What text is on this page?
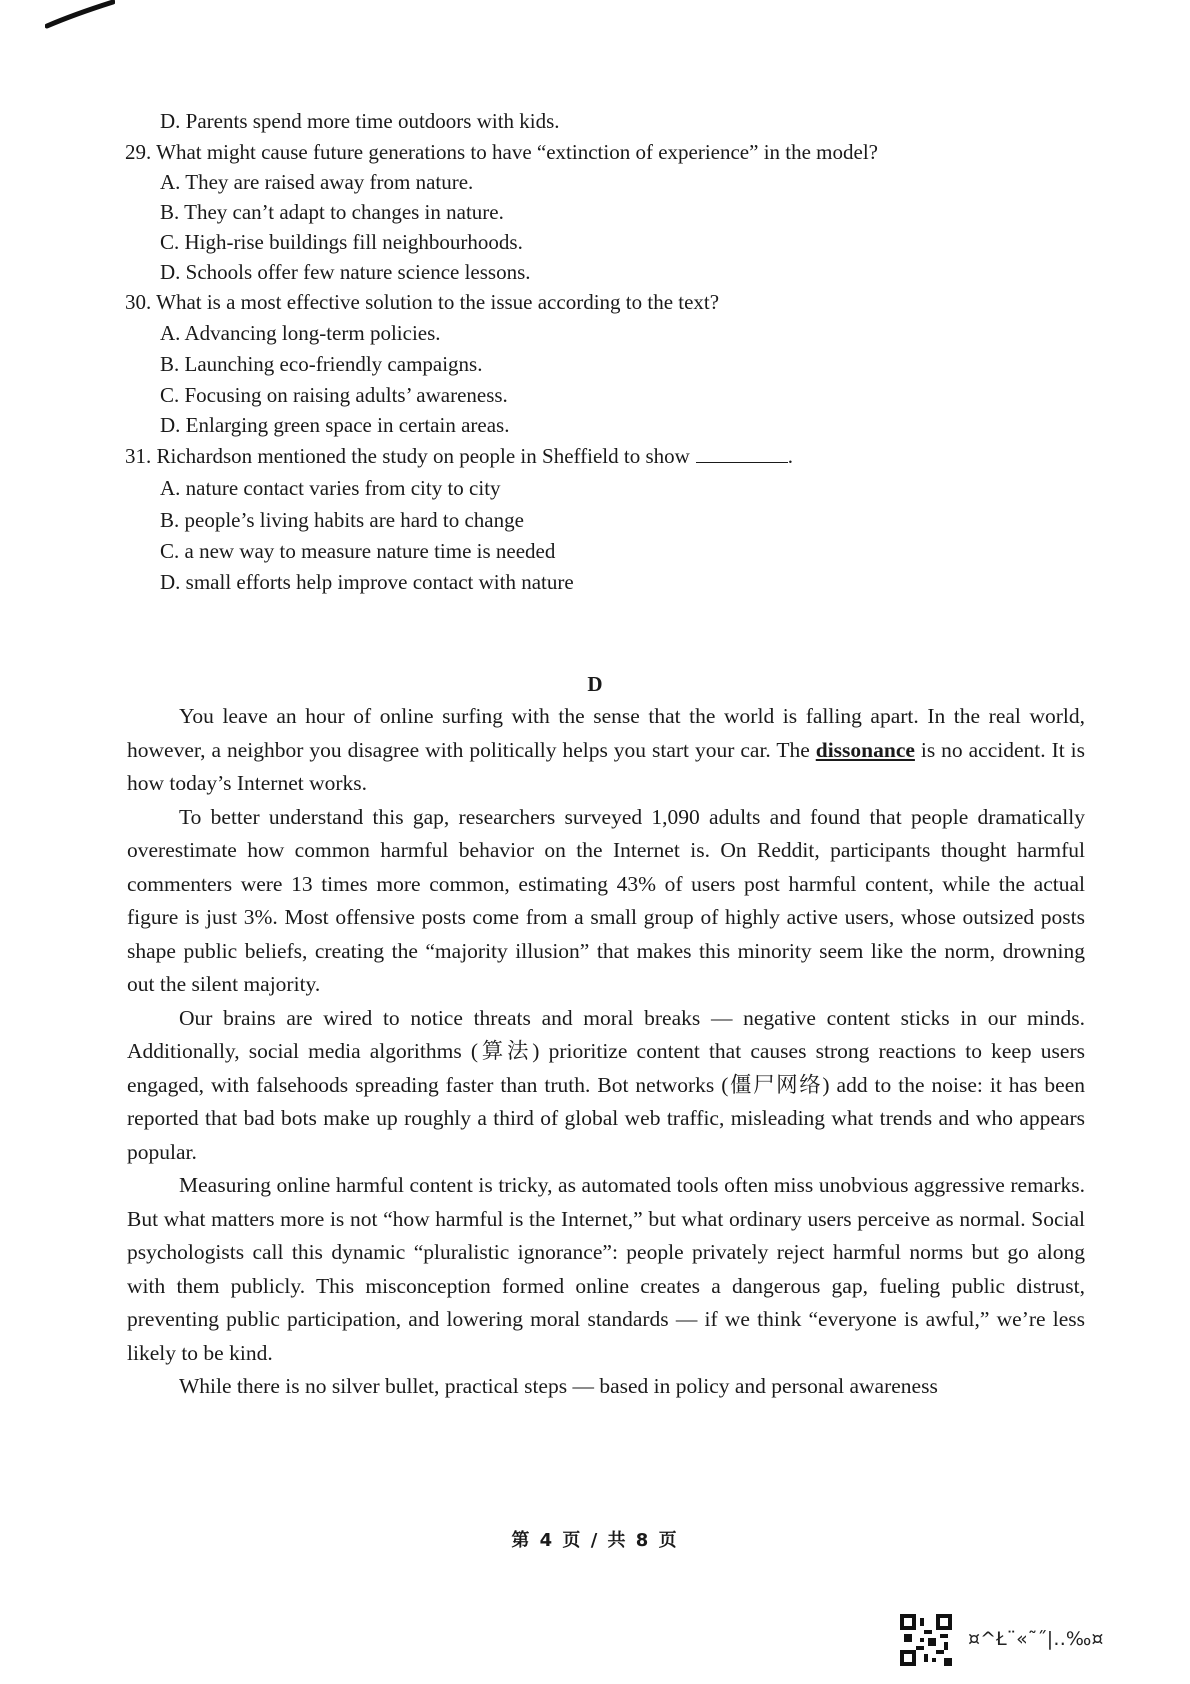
D. Parents spend more time outdoors with kids.
29. What might cause future generations to have “extinction of experience” in the model?
A. They are raised away from nature.
B. They can’t adapt to changes in nature.
C. High-rise buildings fill neighbourhoods.
D. Schools offer few nature science lessons.
30. What is a most effective solution to the issue according to the text?
A. Advancing long-term policies.
B. Launching eco-friendly campaigns.
C. Focusing on raising adults’ awareness.
D. Enlarging green space in certain areas.
31. Richardson mentioned the study on people in Sheffield to show	.
A. nature contact varies from city to city
B. people’s living habits are hard to change
C. a new way to measure nature time is needed
D. small efforts help improve contact with nature
D

You leave an hour of online surfing with the sense that the world is falling apart. In the real world, however, a neighbor you disagree with politically helps you start your car. The dissonance is no accident. It is how today’s Internet works.

To better understand this gap, researchers surveyed 1,090 adults and found that people dramatically overestimate how common harmful behavior on the Internet is. On Reddit, participants thought harmful commenters were 13 times more common, estimating 43% of users post harmful content, while the actual figure is just 3%. Most offensive posts come from a small group of highly active users, whose outsized posts shape public beliefs, creating the “majority illusion” that makes this minority seem like the norm, drowning out the silent majority.

Our brains are wired to notice threats and moral breaks — negative content sticks in our minds. Additionally, social media algorithms (算法) prioritize content that causes strong reactions to keep users engaged, with falsehoods spreading faster than truth. Bot networks (僵尸网络) add to the noise: it has been reported that bad bots make up roughly a third of global web traffic, misleading what trends and who appears popular.

Measuring online harmful content is tricky, as automated tools often miss unobvious aggressive remarks. But what matters more is not “how harmful is the Internet,” but what ordinary users perceive as normal. Social psychologists call this dynamic “pluralistic ignorance”: people privately reject harmful norms but go along with them publicly. This misconception formed online creates a dangerous gap, fueling public distrust, preventing public participation, and lowering moral standards — if we think “everyone is awful,” we’re less likely to be kind.

While there is no silver bullet, practical steps — based in policy and personal awareness

第 4 页 / 共 8 页
¤^Ł¨«˜˝|‥‰¤
